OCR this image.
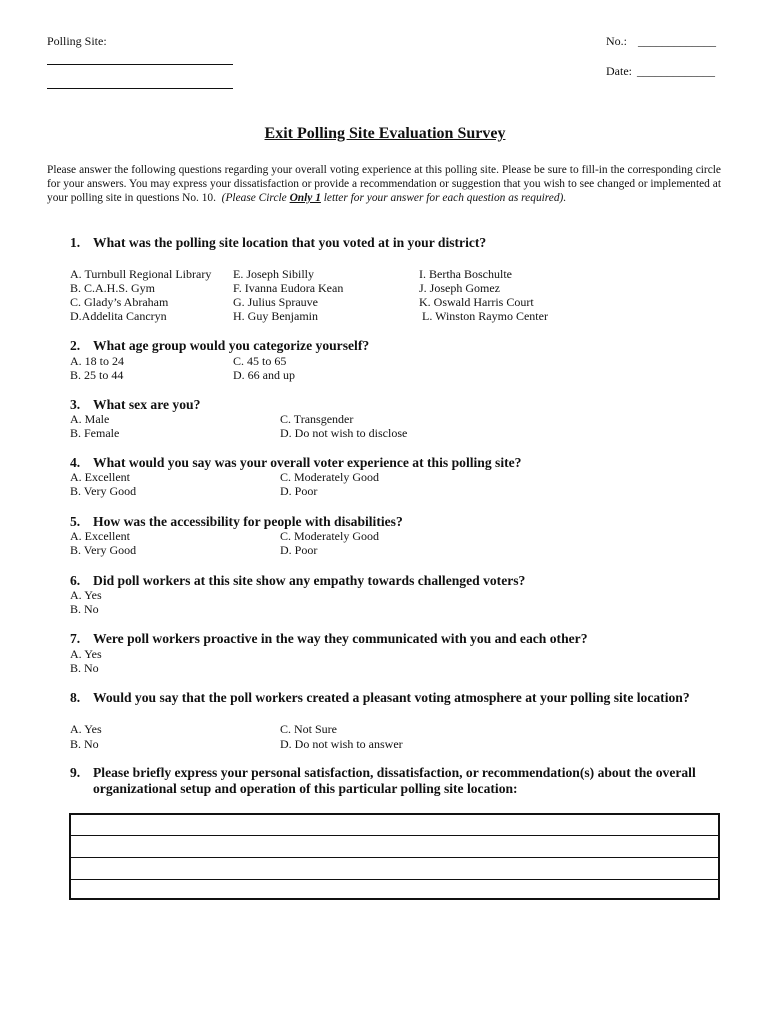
Polling Site:	No.: _____________
Date: _____________
Exit Polling Site Evaluation Survey
Please answer the following questions regarding your overall voting experience at this polling site. Please be sure to fill-in the corresponding circle for your answers. You may express your dissatisfaction or provide a recommendation or suggestion that you wish to see changed or implemented at your polling site in questions No. 10. (Please Circle Only 1 letter for your answer for each question as required).
1. What was the polling site location that you voted at in your district?
A. Turnbull Regional Library
B. C.A.H.S. Gym
C. Glady’s Abraham
D.Addelita Cancryn
E. Joseph Sibilly
F. Ivanna Eudora Kean
G. Julius Sprauve
H. Guy Benjamin
I. Bertha Boschulte
J. Joseph Gomez
K. Oswald Harris Court
L. Winston Raymo Center
2. What age group would you categorize yourself?
A. 18 to 24
B. 25 to 44
C. 45 to 65
D. 66 and up
3. What sex are you?
A. Male
B. Female
C. Transgender
D. Do not wish to disclose
4. What would you say was your overall voter experience at this polling site?
A. Excellent
B. Very Good
C. Moderately Good
D. Poor
5. How was the accessibility for people with disabilities?
A. Excellent
B. Very Good
C. Moderately Good
D. Poor
6. Did poll workers at this site show any empathy towards challenged voters?
A. Yes
B. No
7. Were poll workers proactive in the way they communicated with you and each other?
A. Yes
B. No
8. Would you say that the poll workers created a pleasant voting atmosphere at your polling site location?
A. Yes
B. No
C. Not Sure
D. Do not wish to answer
9. Please briefly express your personal satisfaction, dissatisfaction, or recommendation(s) about the overall organizational setup and operation of this particular polling site location:
